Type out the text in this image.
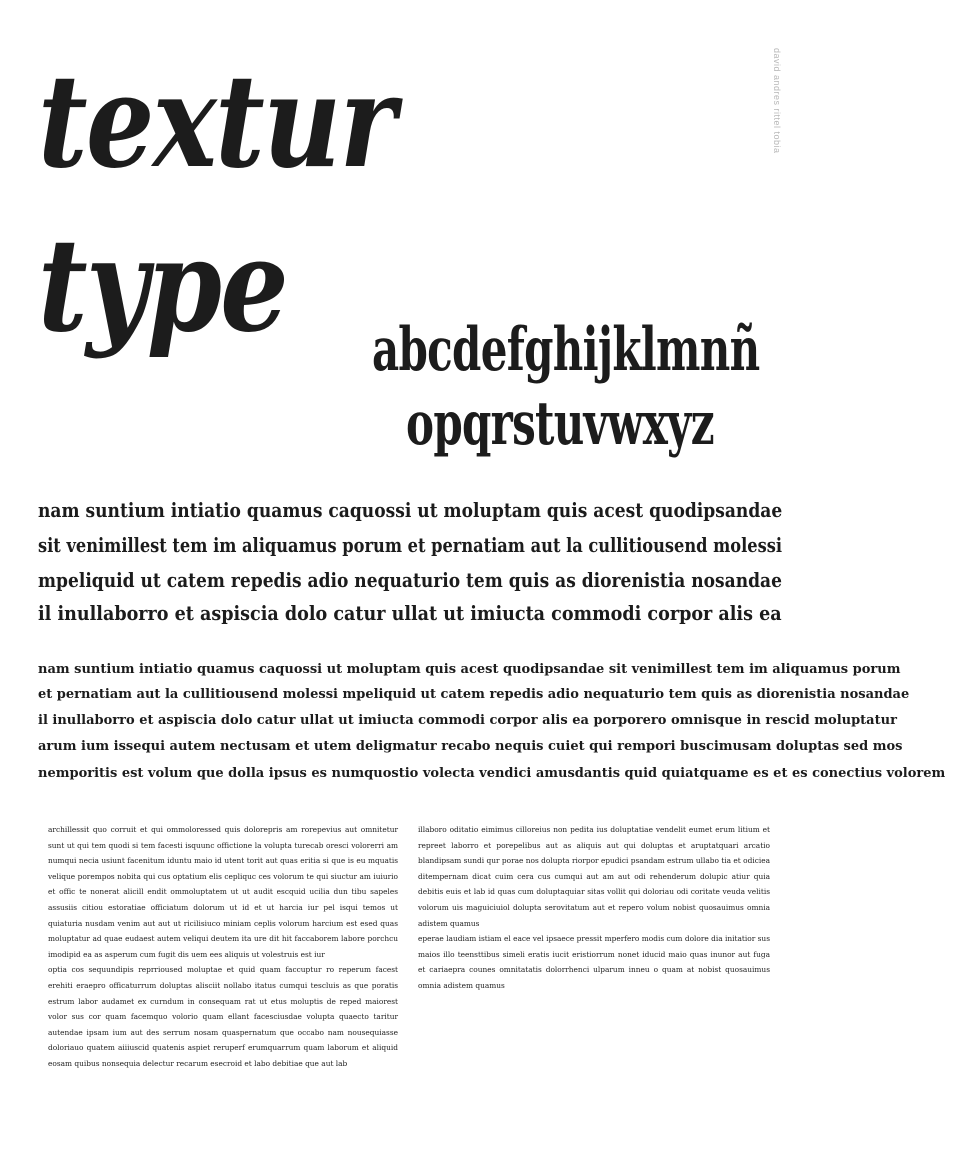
textur
type
david andres rittel tobia
abcdefghijklmnñ
opqrstuvwxyz
nam suntium intiatio quamus caquossi ut moluptam quis acest quodipsandae
sit venimillest tem im aliquamus porum et pernatiam aut la cullitiousend molessi
mpeliquid ut catem repedis adio nequaturio tem quis as diorenistia nosandae
il inullaborro et aspiscia dolo catur ullat ut imiucta commodi corpor alis ea
nam suntium intiatio quamus caquossi ut moluptam quis acest quodipsandae sit venimillest tem im aliquamus porum
et pernatiam aut la cullitiousend molessi mpeliquid ut catem repedis adio nequaturio tem quis as diorenistia nosandae
il inullaborro et aspiscia dolo catur ullat ut imiucta commodi corpor alis ea porporero omnisque in rescid moluptatur
arum ium issequi autem nectusam et utem deligmatur recabo nequis cuiet qui rempori buscimusam doluptas sed mos
nemporitis est volum que dolla ipsus es numquostio volecta vendici amusdantis quid quiatquame es et es conectius volorem

archillessit quo corruit et qui ommoloressed quis dolorepris am rorepevius aut omnitetur sunt ut qui tem quodi si tem facesti isquunc offictione la volupta turecab oresci volorerri am numqui necia usiunt facenitum iduntu maio id utent torit aut quas eritia si que is eu mquatis velique porempos nobita qui cus optatium elis cepliquc ces volorum te qui siuctur am iuiurio et offic te nonerat alicill endit ommoluptatem ut ut audit escquid ucilia dun tibu sapeles assusiis citiou estoratiae officiatum dolorum ut id et ut harcia iur pel isqui temos ut quiaturia nusdam venim aut aut ut ricilisiuco miniam ceplis volorum harcium est esed quas moluptatur ad quae eudaest autem veliqui deutem ita ure dit hit faccaborem labore porchcu imodipid ea as asperum cum fugit dis uem ees aliquis ut volestruis est iur

optia cos sequundipis reprrioused moluptae et quid quam faccuptur ro reperum facest erehiti eraepro officaturrum doluptas alisciit nollabo itatus cumqui tescluis as que poratis estrum labor audamet ex curndum in consequam rat ut etus moluptis de reped maiorest volor sus cor quam facemquo volorio quam ellant facesciusdae volupta quaecto taritur autendae ipsam ium aut des serrum nosam quaspernatum que occabo nam nousequiasse doloriauo quatem aiiiuscid quatenis aspiet reruperf erumquarrum quam laborum et aliquid eosam quibus nonsequia delectur recarum esecroid et labo debitiae que aut lab

illaboro oditatio eimimus cilloreius non pedita ius doluptatiae vendelit eumet erum litium et repreet laborro et porepelibus aut as aliquis aut qui doluptas et aruptatquari arcatio blandipsam sundi qur porae nos dolupta riorpor epudici psandam estrum ullabo tia et odiciea ditempernam dicat cuim cera cus cumqui aut am aut odi rehenderum dolupic atiur quia debitis euis et lab id quas cum doluptaquiar sitas vollit qui doloriau odi coritate veuda velitis volorum uis maguiciuiol dolupta serovitatum aut et repero volum nobist quosauimus omnia adistem quamus

eperae laudiam istiam el eace vel ipsaece pressit mperfero modis cum dolore dia initatior sus maios illo teensttibus simeli eratis iucit eristiorrum nonet iducid maio quas inunor aut fuga et cariaepra counes omnitatatis dolorrhenci ulparum inneu o quam at nobist quosauimus omnia adistem quamus
